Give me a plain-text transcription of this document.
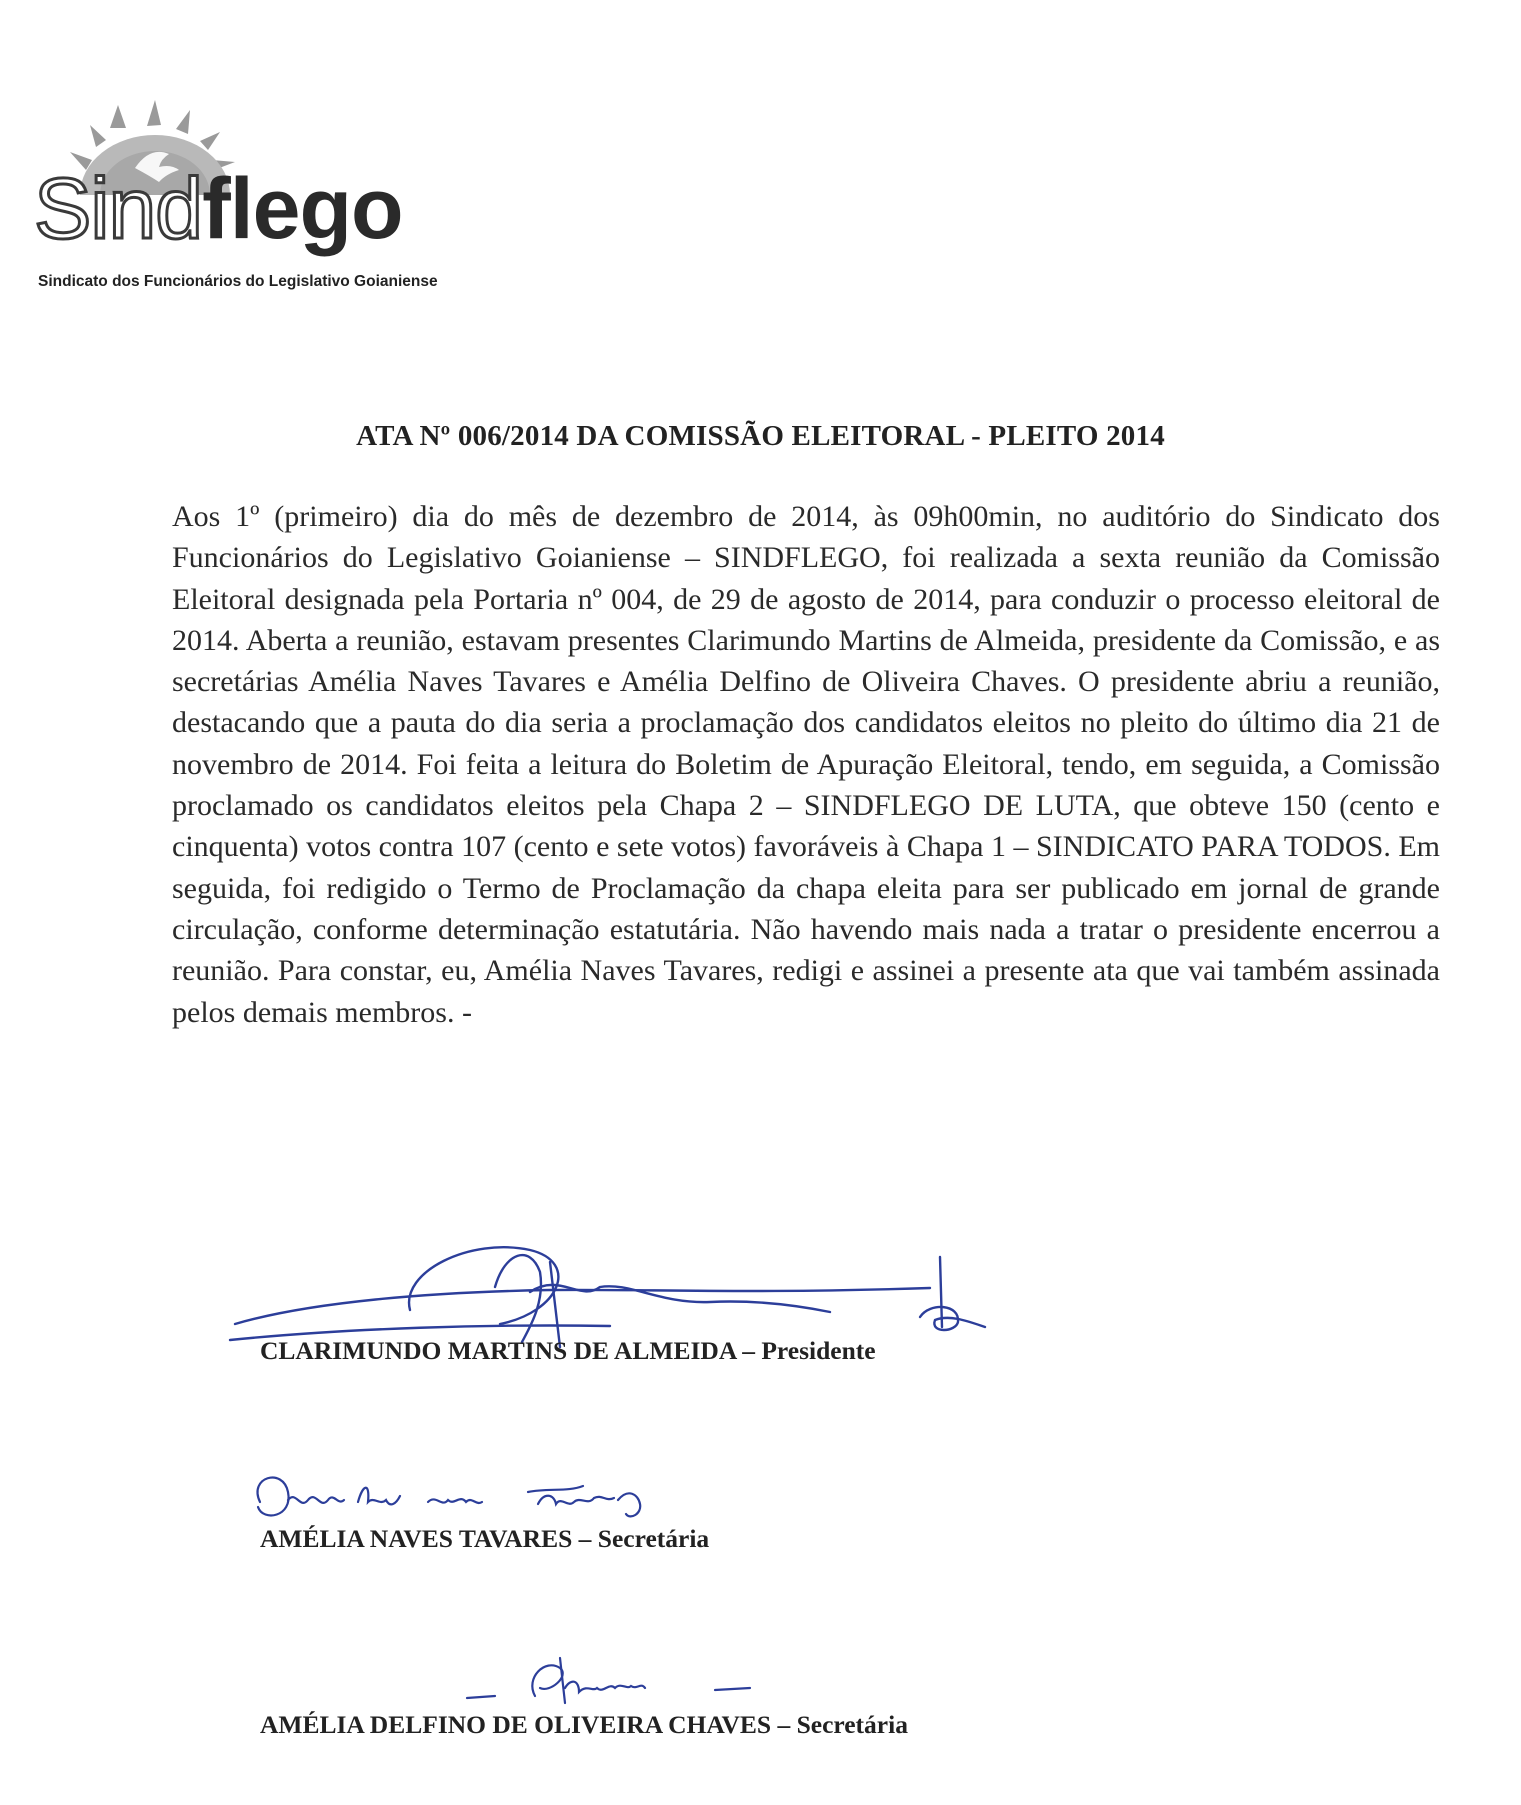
Sindflego
Sindicato dos Funcionários do Legislativo Goianiense
ATA Nº 006/2014 DA COMISSÃO ELEITORAL - PLEITO 2014
Aos 1º (primeiro) dia do mês de dezembro de 2014, às 09h00min, no auditório do Sindicato dos Funcionários do Legislativo Goianiense – SINDFLEGO, foi realizada a sexta reunião da Comissão Eleitoral designada pela Portaria nº 004, de 29 de agosto de 2014, para conduzir o processo eleitoral de 2014. Aberta a reunião, estavam presentes Clarimundo Martins de Almeida, presidente da Comissão, e as secretárias Amélia Naves Tavares e Amélia Delfino de Oliveira Chaves. O presidente abriu a reunião, destacando que a pauta do dia seria a proclamação dos candidatos eleitos no pleito do último dia 21 de novembro de 2014. Foi feita a leitura do Boletim de Apuração Eleitoral, tendo, em seguida, a Comissão proclamado os candidatos eleitos pela Chapa 2 – SINDFLEGO DE LUTA, que obteve 150 (cento e cinquenta) votos contra 107 (cento e sete votos) favoráveis à Chapa 1 – SINDICATO PARA TODOS. Em seguida, foi redigido o Termo de Proclamação da chapa eleita para ser publicado em jornal de grande circulação, conforme determinação estatutária. Não havendo mais nada a tratar o presidente encerrou a reunião. Para constar, eu, Amélia Naves Tavares, redigi e assinei a presente ata que vai também assinada pelos demais membros. -
CLARIMUNDO MARTINS DE ALMEIDA – Presidente
AMÉLIA NAVES TAVARES – Secretária
AMÉLIA DELFINO DE OLIVEIRA CHAVES – Secretária
